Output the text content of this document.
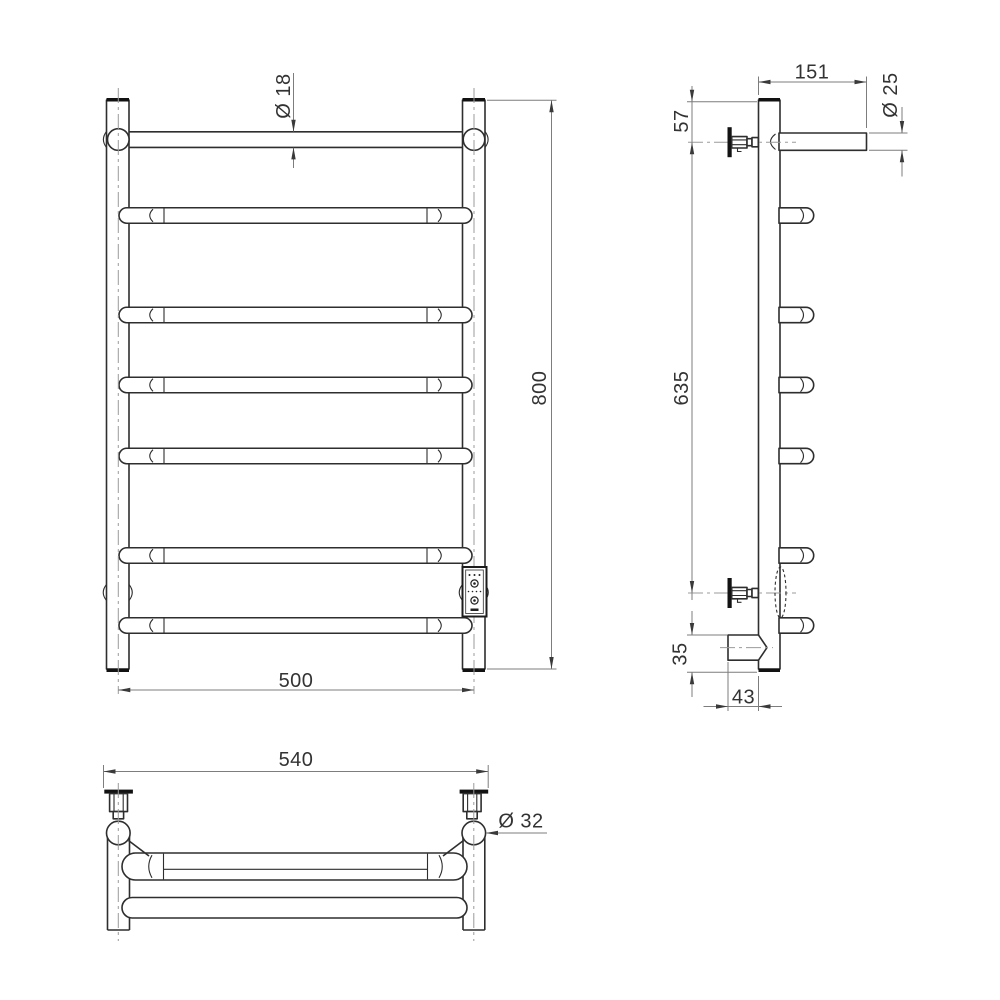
Ø 18
800
500
151	Ø 25
57
635
35
43
540
Ø 32
